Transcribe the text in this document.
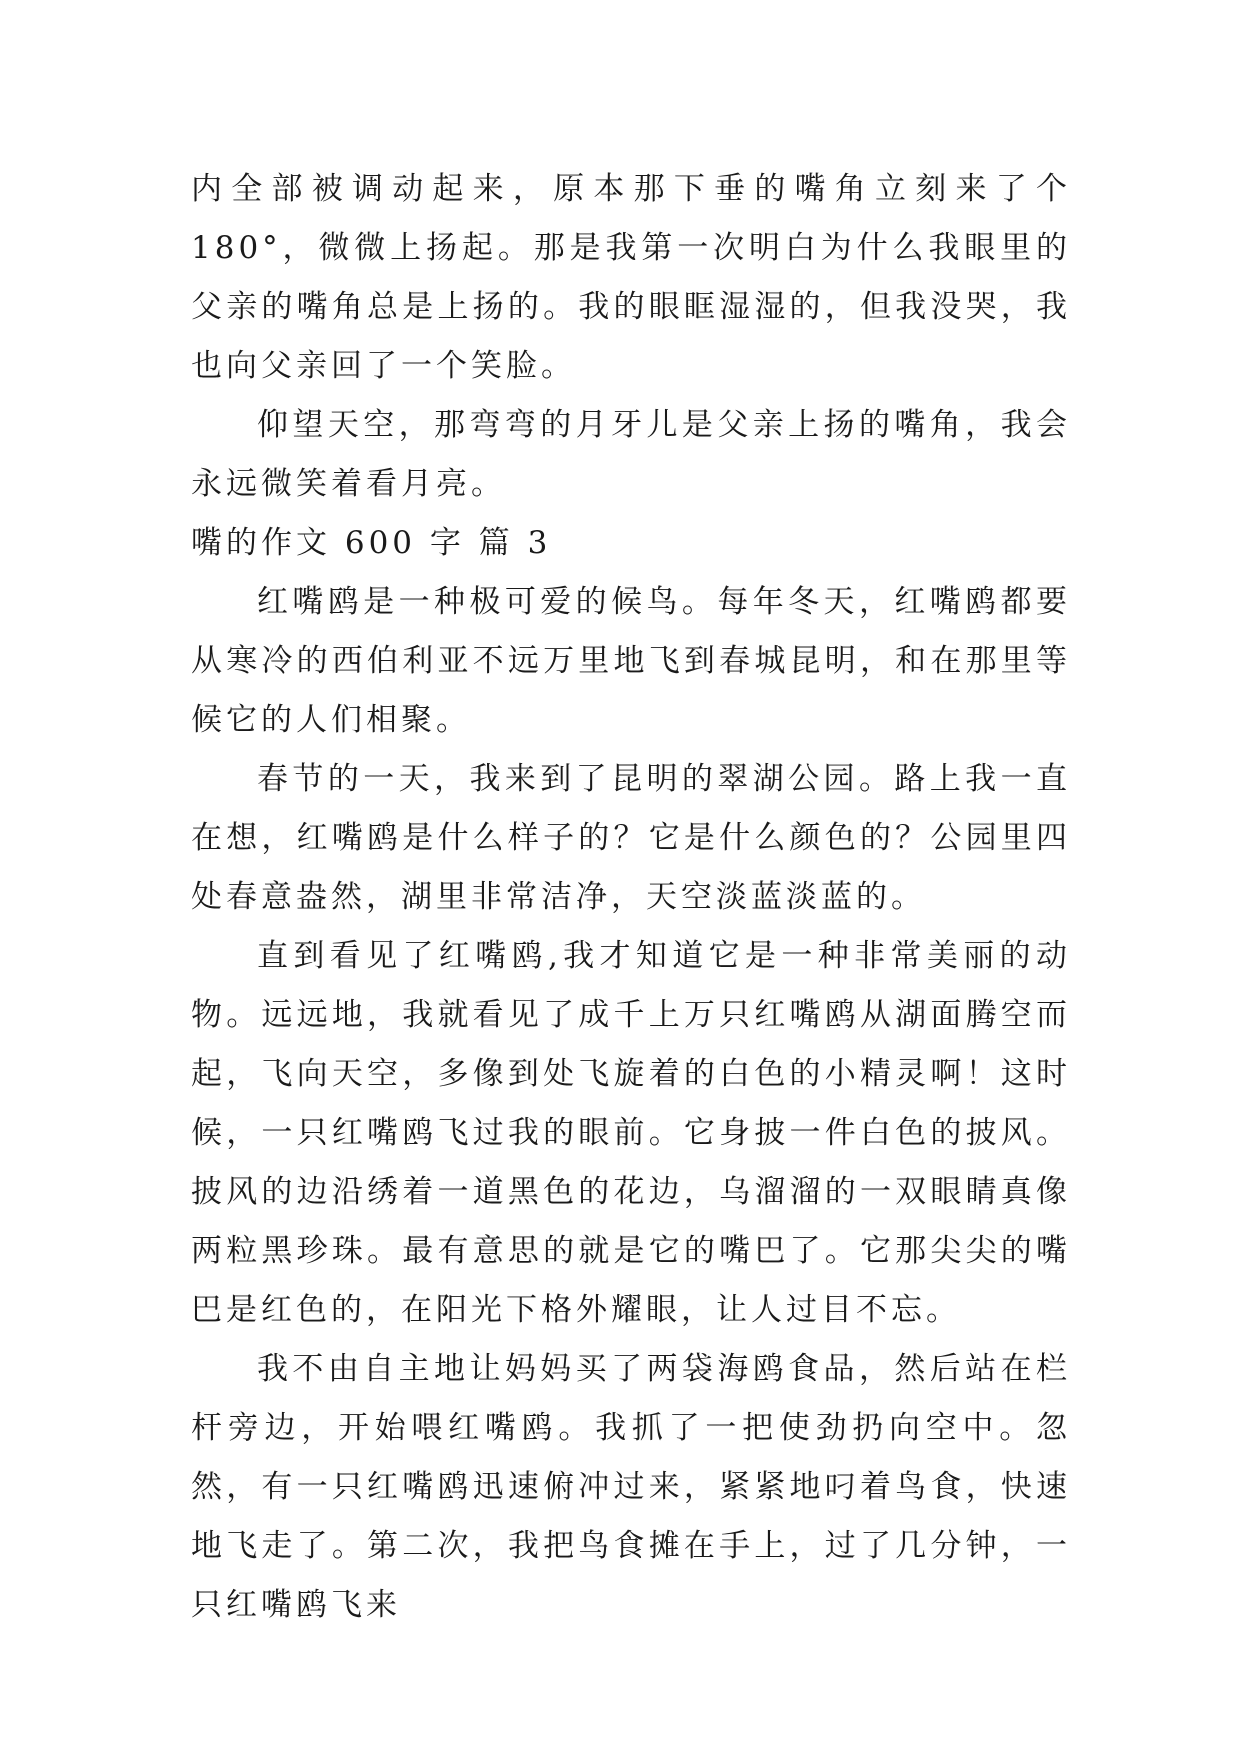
内全部被调动起来，原本那下垂的嘴角立刻来了个 180°，微微上扬起。那是我第一次明白为什么我眼里的父亲的嘴角总是上扬的。我的眼眶湿湿的，但我没哭，我也向父亲回了一个笑脸。

仰望天空，那弯弯的月牙儿是父亲上扬的嘴角，我会永远微笑着看月亮。

嘴的作文 600 字 篇 3

红嘴鸥是一种极可爱的候鸟。每年冬天，红嘴鸥都要从寒冷的西伯利亚不远万里地飞到春城昆明，和在那里等候它的人们相聚。

春节的一天，我来到了昆明的翠湖公园。路上我一直在想，红嘴鸥是什么样子的？它是什么颜色的？公园里四处春意盎然，湖里非常洁净，天空淡蓝淡蓝的。

直到看见了红嘴鸥,我才知道它是一种非常美丽的动物。远远地，我就看见了成千上万只红嘴鸥从湖面腾空而起，飞向天空，多像到处飞旋着的白色的小精灵啊！这时候，一只红嘴鸥飞过我的眼前。它身披一件白色的披风。披风的边沿绣着一道黑色的花边，乌溜溜的一双眼睛真像两粒黑珍珠。最有意思的就是它的嘴巴了。它那尖尖的嘴巴是红色的，在阳光下格外耀眼，让人过目不忘。

我不由自主地让妈妈买了两袋海鸥食品，然后站在栏杆旁边，开始喂红嘴鸥。我抓了一把使劲扔向空中。忽然，有一只红嘴鸥迅速俯冲过来，紧紧地叼着鸟食，快速地飞走了。第二次，我把鸟食摊在手上，过了几分钟，一只红嘴鸥飞来
